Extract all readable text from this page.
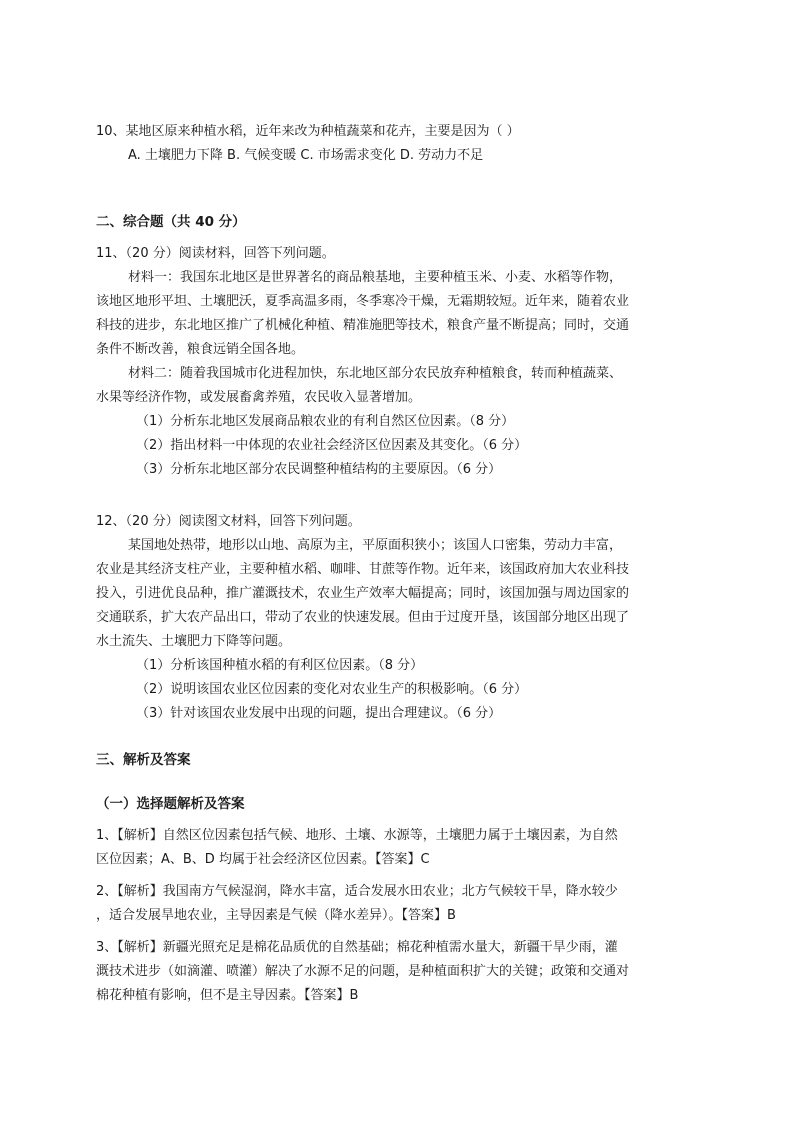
10、某地区原来种植水稻，近年来改为种植蔬菜和花卉，主要是因为（ ）
A. 土壤肥力下降 B. 气候变暖 C. 市场需求变化 D. 劳动力不足
二、综合题（共 40 分）
11、（20 分）阅读材料，回答下列问题。
材料一：我国东北地区是世界著名的商品粮基地，主要种植玉米、小麦、水稻等作物，
该地区地形平坦、土壤肥沃，夏季高温多雨，冬季寒冷干燥，无霜期较短。近年来，随着农业
科技的进步，东北地区推广了机械化种植、精准施肥等技术，粮食产量不断提高；同时，交通
条件不断改善，粮食远销全国各地。
材料二：随着我国城市化进程加快，东北地区部分农民放弃种植粮食，转而种植蔬菜、
水果等经济作物，或发展畜禽养殖，农民收入显著增加。
（1）分析东北地区发展商品粮农业的有利自然区位因素。（8 分）
（2）指出材料一中体现的农业社会经济区位因素及其变化。（6 分）
（3）分析东北地区部分农民调整种植结构的主要原因。（6 分）
12、（20 分）阅读图文材料，回答下列问题。
某国地处热带，地形以山地、高原为主，平原面积狭小；该国人口密集，劳动力丰富，
农业是其经济支柱产业，主要种植水稻、咖啡、甘蔗等作物。近年来，该国政府加大农业科技
投入，引进优良品种，推广灌溉技术，农业生产效率大幅提高；同时，该国加强与周边国家的
交通联系，扩大农产品出口，带动了农业的快速发展。但由于过度开垦，该国部分地区出现了
水土流失、土壤肥力下降等问题。
（1）分析该国种植水稻的有利区位因素。（8 分）
（2）说明该国农业区位因素的变化对农业生产的积极影响。（6 分）
（3）针对该国农业发展中出现的问题，提出合理建议。（6 分）
三、解析及答案
（一）选择题解析及答案
1、【解析】自然区位因素包括气候、地形、土壤、水源等，土壤肥力属于土壤因素，为自然
区位因素；A、B、D 均属于社会经济区位因素。【答案】C
2、【解析】我国南方气候湿润，降水丰富，适合发展水田农业；北方气候较干旱，降水较少
，适合发展旱地农业，主导因素是气候（降水差异）。【答案】B
3、【解析】新疆光照充足是棉花品质优的自然基础；棉花种植需水量大，新疆干旱少雨，灌
溉技术进步（如滴灌、喷灌）解决了水源不足的问题，是种植面积扩大的关键；政策和交通对
棉花种植有影响，但不是主导因素。【答案】B
